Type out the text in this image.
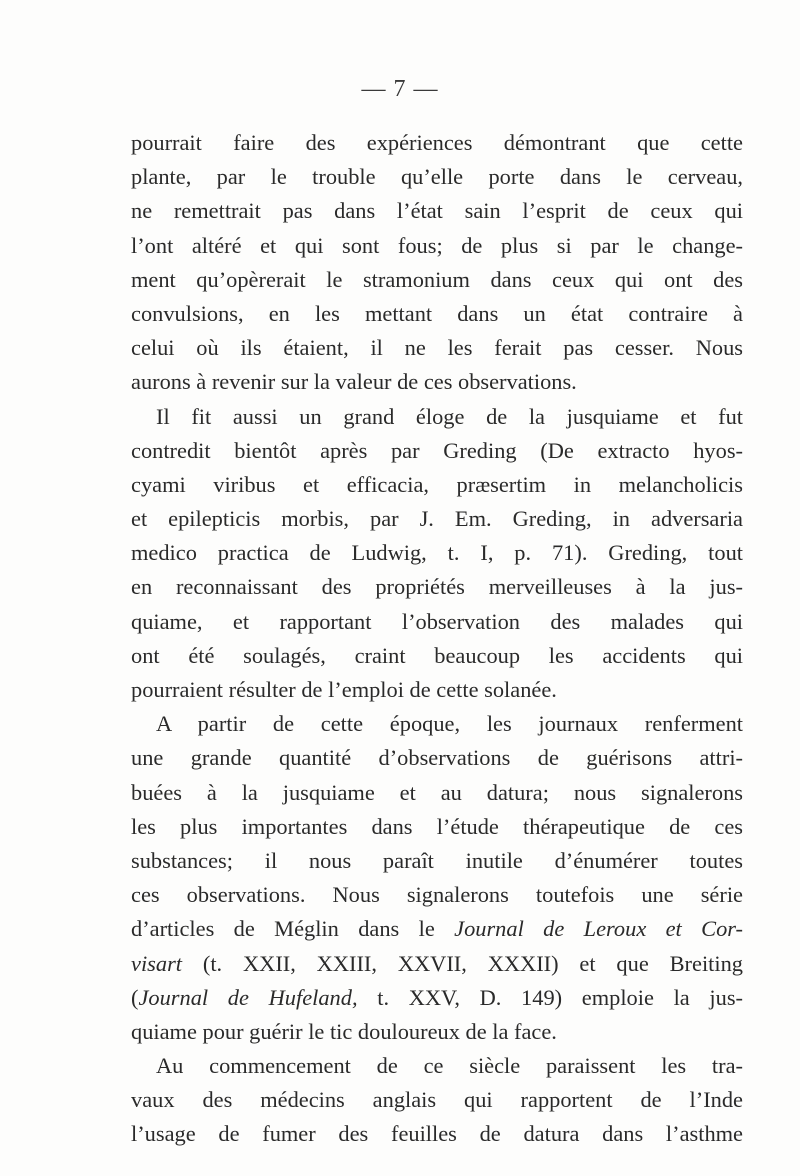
— 7 —
pourrait faire des expériences démontrant que cette
plante, par le trouble qu’elle porte dans le cerveau,
ne remettrait pas dans l’état sain l’esprit de ceux qui
l’ont altéré et qui sont fous; de plus si par le change-
ment qu’opèrerait le stramonium dans ceux qui ont des
convulsions, en les mettant dans un état contraire à
celui où ils étaient, il ne les ferait pas cesser. Nous
aurons à revenir sur la valeur de ces observations.
Il fit aussi un grand éloge de la jusquiame et fut
contredit bientôt après par Greding (De extracto hyos-
cyami viribus et efficacia, præsertim in melancholicis
et epilepticis morbis, par J. Em. Greding, in adversaria
medico practica de Ludwig, t. I, p. 71). Greding, tout
en reconnaissant des propriétés merveilleuses à la jus-
quiame, et rapportant l’observation des malades qui
ont été soulagés, craint beaucoup les accidents qui
pourraient résulter de l’emploi de cette solanée.
A partir de cette époque, les journaux renferment
une grande quantité d’observations de guérisons attri-
buées à la jusquiame et au datura; nous signalerons
les plus importantes dans l’étude thérapeutique de ces
substances; il nous paraît inutile d’énumérer toutes
ces observations. Nous signalerons toutefois une série
d’articles de Méglin dans le Journal de Leroux et Cor-
visart (t. XXII, XXIII, XXVII, XXXII) et que Breiting
(Journal de Hufeland, t. XXV, D. 149) emploie la jus-
quiame pour guérir le tic douloureux de la face.
Au commencement de ce siècle paraissent les tra-
vaux des médecins anglais qui rapportent de l’Inde
l’usage de fumer des feuilles de datura dans l’asthme
